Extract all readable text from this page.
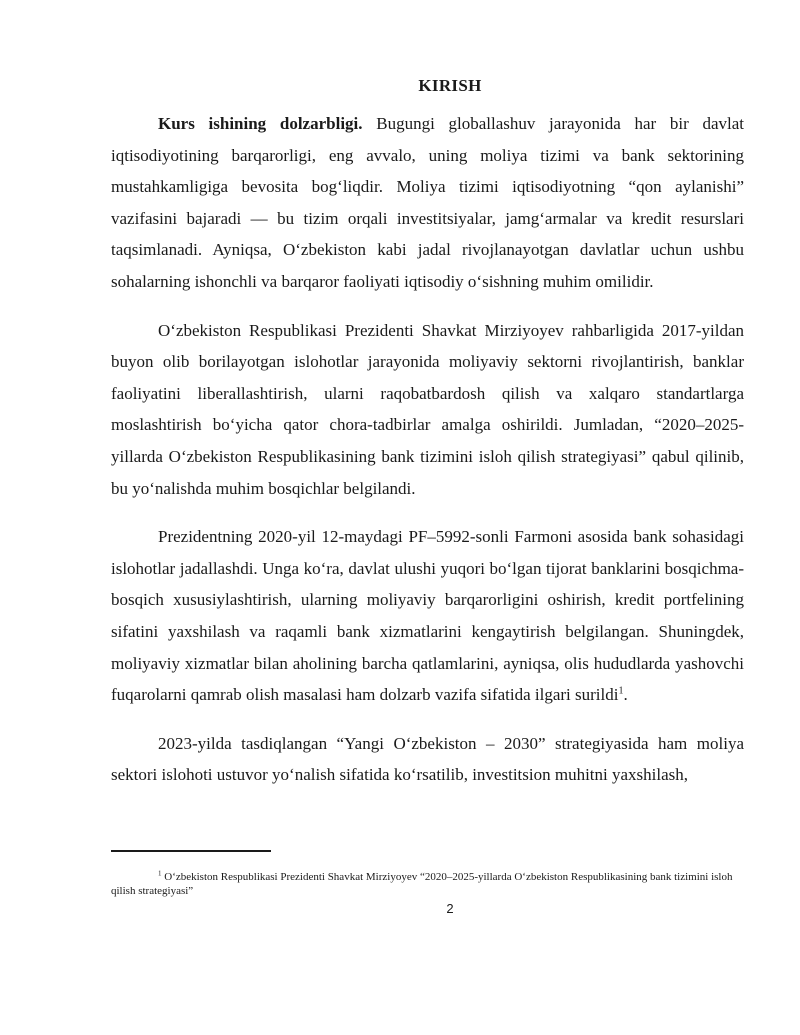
KIRISH

Kurs ishining dolzarbligi. Bugungi globallashuv jarayonida har bir davlat iqtisodiyotining barqarorligi, eng avvalo, uning moliya tizimi va bank sektorining mustahkamligiga bevosita bog‘liqdir. Moliya tizimi iqtisodiyotning “qon aylanishi” vazifasini bajaradi — bu tizim orqali investitsiyalar, jamg‘armalar va kredit resurslari taqsimlanadi. Ayniqsa, O‘zbekiston kabi jadal rivojlanayotgan davlatlar uchun ushbu sohalarning ishonchli va barqaror faoliyati iqtisodiy o‘sishning muhim omilidir.

O‘zbekiston Respublikasi Prezidenti Shavkat Mirziyoyev rahbarligida 2017-yildan buyon olib borilayotgan islohotlar jarayonida moliyaviy sektorni rivojlantirish, banklar faoliyatini liberallashtirish, ularni raqobatbardosh qilish va xalqaro standartlarga moslashtirish bo‘yicha qator chora-tadbirlar amalga oshirildi. Jumladan, “2020–2025-yillarda O‘zbekiston Respublikasining bank tizimini isloh qilish strategiyasi” qabul qilinib, bu yo‘nalishda muhim bosqichlar belgilandi.

Prezidentning 2020-yil 12-maydagi PF–5992-sonli Farmoni asosida bank sohasidagi islohotlar jadallashdi. Unga ko‘ra, davlat ulushi yuqori bo‘lgan tijorat banklarini bosqichma-bosqich xususiylashtirish, ularning moliyaviy barqarorligini oshirish, kredit portfelining sifatini yaxshilash va raqamli bank xizmatlarini kengaytirish belgilangan. Shuningdek, moliyaviy xizmatlar bilan aholining barcha qatlamlarini, ayniqsa, olis hududlarda yashovchi fuqarolarni qamrab olish masalasi ham dolzarb vazifa sifatida ilgari surildi$^1$.

2023-yilda tasdiqlangan “Yangi O‘zbekiston – 2030” strategiyasida ham moliya sektori islohoti ustuvor yo‘nalish sifatida ko‘rsatilib, investitsion muhitni yaxshilash,

$^1$ O‘zbekiston Respublikasi Prezidenti Shavkat Mirziyoyev “2020–2025-yillarda O‘zbekiston Respublikasining bank tizimini isloh qilish strategiyasi”
2
